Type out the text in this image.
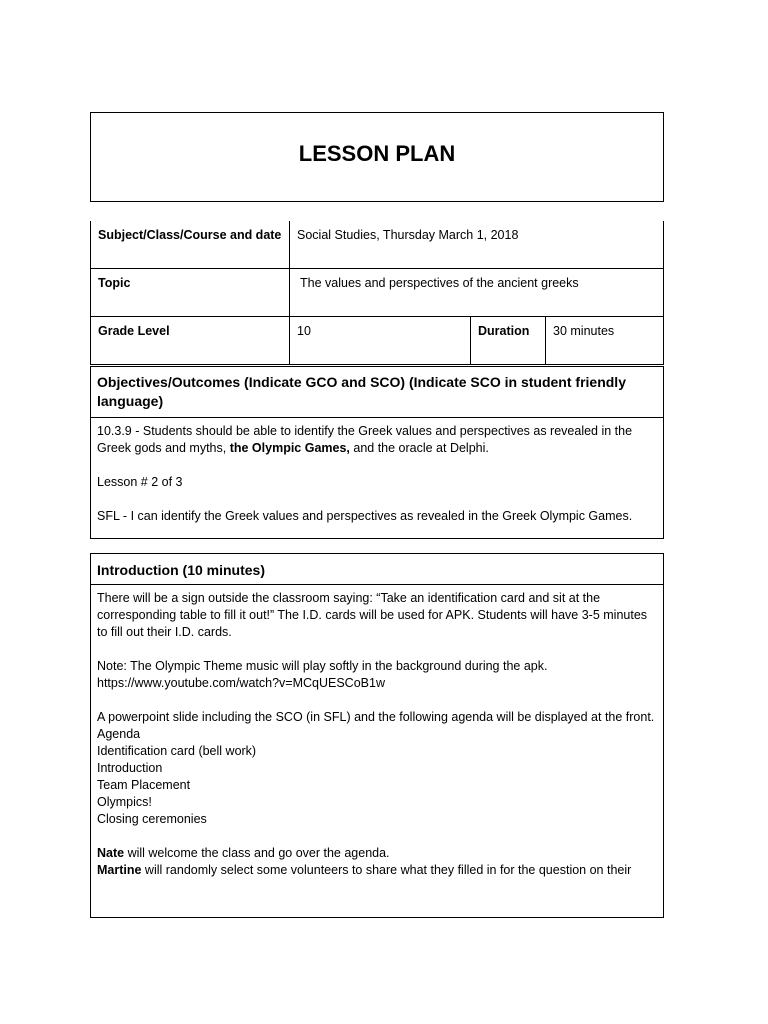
LESSON PLAN
Subject/Class/Course and date	Social Studies, Thursday March 1, 2018		
Topic	The values and perspectives of the ancient greeks		
Grade Level	10	Duration	30 minutes
Objectives/Outcomes (Indicate GCO and SCO) (Indicate SCO in student friendly language)

10.3.9 - Students should be able to identify the Greek values and perspectives as revealed in the Greek gods and myths, the Olympic Games, and the oracle at Delphi.

Lesson # 2 of 3

SFL - I can identify the Greek values and perspectives as revealed in the Greek Olympic Games.

Introduction (10 minutes)

There will be a sign outside the classroom saying: “Take an identification card and sit at the corresponding table to fill it out!” The I.D. cards will be used for APK. Students will have 3-5 minutes to fill out their I.D. cards.

Note: The Olympic Theme music will play softly in the background during the apk.
https://www.youtube.com/watch?v=MCqUESCoB1w

A powerpoint slide including the SCO (in SFL) and the following agenda will be displayed at the front.

Agenda
Identification card (bell work)
Introduction
Team Placement
Olympics!
Closing ceremonies
Nate will welcome the class and go over the agenda.
Martine will randomly select some volunteers to share what they filled in for the question on their
